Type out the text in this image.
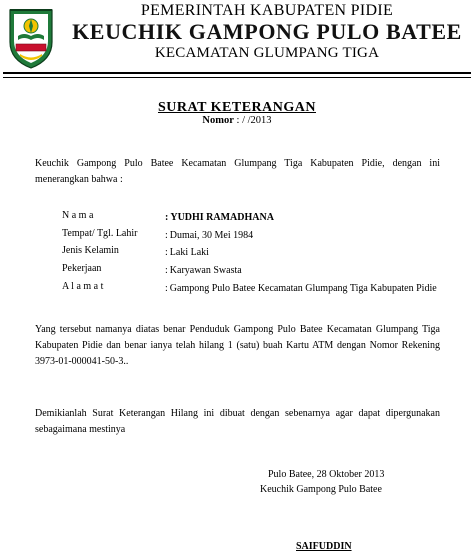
PEMERINTAH KABUPATEN PIDIE
KEUCHIK GAMPONG PULO BATEE
KECAMATAN GLUMPANG TIGA
SURAT KETERANGAN
Nomor : / /2013
Keuchik Gampong Pulo Batee Kecamatan Glumpang Tiga Kabupaten Pidie, dengan ini menerangkan bahwa :
N a m a	: YUDHI RAMADHANA
Tempat/ Tgl. Lahir	: Dumai, 30 Mei 1984
Jenis Kelamin	: Laki Laki
Pekerjaan	: Karyawan Swasta
A l a m a t	: Gampong Pulo Batee Kecamatan Glumpang Tiga Kabupaten Pidie
Yang tersebut namanya diatas benar Penduduk Gampong Pulo Batee Kecamatan Glumpang Tiga Kabupaten Pidie dan benar ianya telah hilang 1 (satu) buah Kartu ATM dengan Nomor Rekening 3973-01-000041-50-3..
Demikianlah Surat Keterangan Hilang ini dibuat dengan sebenarnya agar dapat dipergunakan sebagaimana mestinya
Pulo Batee, 28 Oktober 2013
Keuchik Gampong Pulo Batee
SAIFUDDIN
